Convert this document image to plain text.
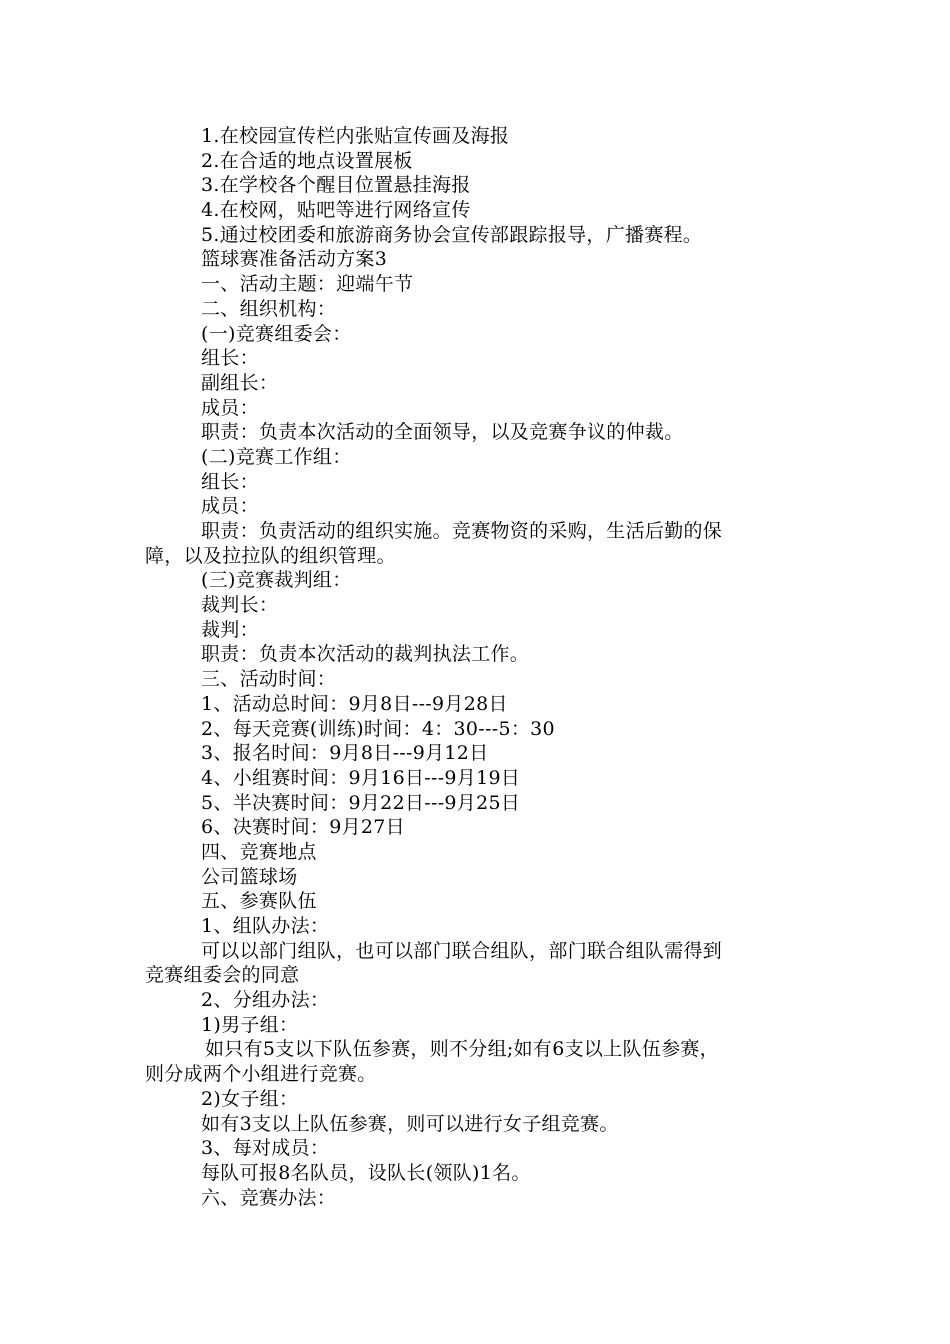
1.在校园宣传栏内张贴宣传画及海报
2.在合适的地点设置展板
3.在学校各个醒目位置悬挂海报
4.在校网，贴吧等进行网络宣传
5.通过校团委和旅游商务协会宣传部跟踪报导，广播赛程。
篮球赛准备活动方案3
一、活动主题：迎端午节
二、组织机构：
(一)竞赛组委会：
组长：
副组长：
成员：
职责：负责本次活动的全面领导，以及竞赛争议的仲裁。
(二)竞赛工作组：
组长：
成员：
职责：负责活动的组织实施。竞赛物资的采购，生活后勤的保
障，以及拉拉队的组织管理。
(三)竞赛裁判组：
裁判长：
裁判：
职责：负责本次活动的裁判执法工作。
三、活动时间：
1、活动总时间：9月8日---9月28日
2、每天竞赛(训练)时间：4：30---5：30
3、报名时间：9月8日---9月12日
4、小组赛时间：9月16日---9月19日
5、半决赛时间：9月22日---9月25日
6、决赛时间：9月27日
四、竞赛地点
公司篮球场
五、参赛队伍
1、组队办法：
可以以部门组队，也可以部门联合组队，部门联合组队需得到
竞赛组委会的同意
2、分组办法：
1)男子组：
如只有5支以下队伍参赛，则不分组;如有6支以上队伍参赛，
则分成两个小组进行竞赛。
2)女子组：
如有3支以上队伍参赛，则可以进行女子组竞赛。
3、每对成员：
每队可报8名队员，设队长(领队)1名。
六、竞赛办法：
